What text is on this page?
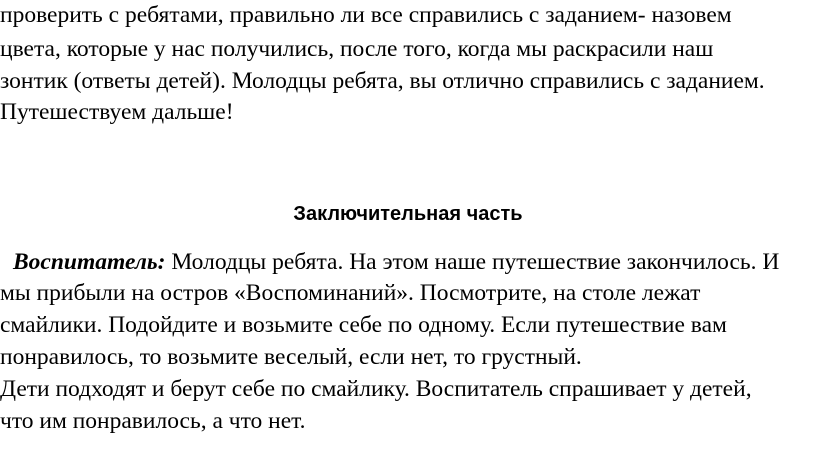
проверить с ребятами, правильно ли все справились с заданием- назовем
цвета, которые у нас получились, после того, когда мы раскрасили наш
зонтик (ответы детей). Молодцы ребята, вы отлично справились с заданием.
Путешествуем дальше!
Заключительная часть
Воспитатель: Молодцы ребята. На этом наше путешествие закончилось. И
мы прибыли на остров «Воспоминаний». Посмотрите, на столе лежат
смайлики. Подойдите и возьмите себе по одному. Если путешествие вам
понравилось, то возьмите веселый, если нет, то грустный.
Дети подходят и берут себе по смайлику. Воспитатель спрашивает у детей,
что им понравилось, а что нет.
